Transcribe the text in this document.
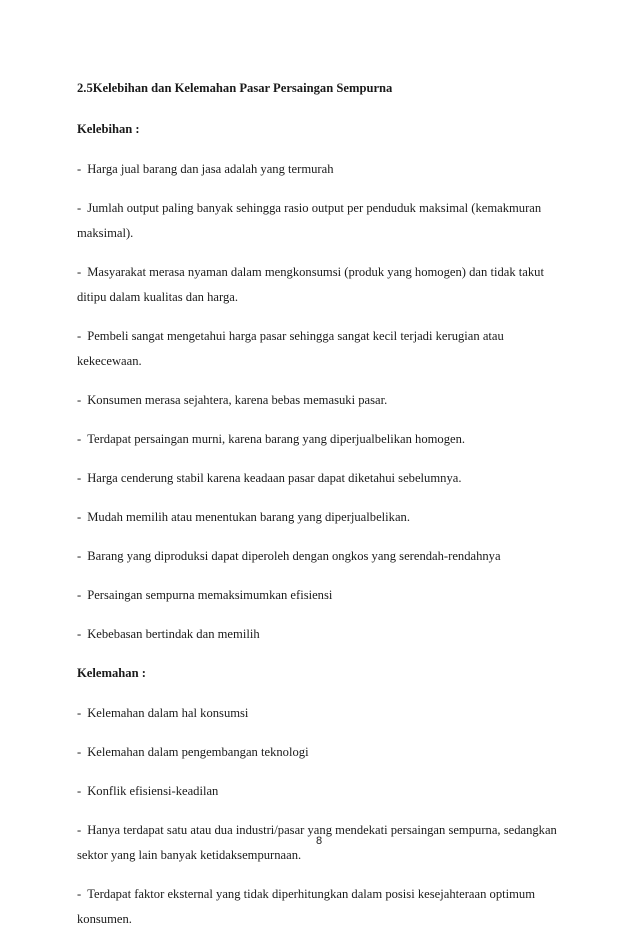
2.5Kelebihan dan Kelemahan Pasar Persaingan Sempurna
Kelebihan :
- Harga jual barang dan jasa adalah yang termurah
- Jumlah output paling banyak sehingga rasio output per penduduk maksimal (kemakmuran maksimal).
- Masyarakat merasa nyaman dalam mengkonsumsi (produk yang homogen) dan tidak takut ditipu dalam kualitas dan harga.
- Pembeli sangat mengetahui harga pasar sehingga sangat kecil terjadi kerugian atau kekecewaan.
- Konsumen merasa sejahtera, karena bebas memasuki pasar.
- Terdapat persaingan murni, karena barang yang diperjualbelikan homogen.
- Harga cenderung stabil karena keadaan pasar dapat diketahui sebelumnya.
- Mudah memilih atau menentukan barang yang diperjualbelikan.
- Barang yang diproduksi dapat diperoleh dengan ongkos yang serendah-rendahnya
- Persaingan sempurna memaksimumkan efisiensi
- Kebebasan bertindak dan memilih
Kelemahan :
- Kelemahan dalam hal konsumsi
- Kelemahan dalam pengembangan teknologi
- Konflik efisiensi-keadilan
- Hanya terdapat satu atau dua industri/pasar yang mendekati persaingan sempurna, sedangkan sektor yang lain banyak ketidaksempurnaan.
- Terdapat faktor eksternal yang tidak diperhitungkan dalam posisi kesejahteraan optimum konsumen.
8
